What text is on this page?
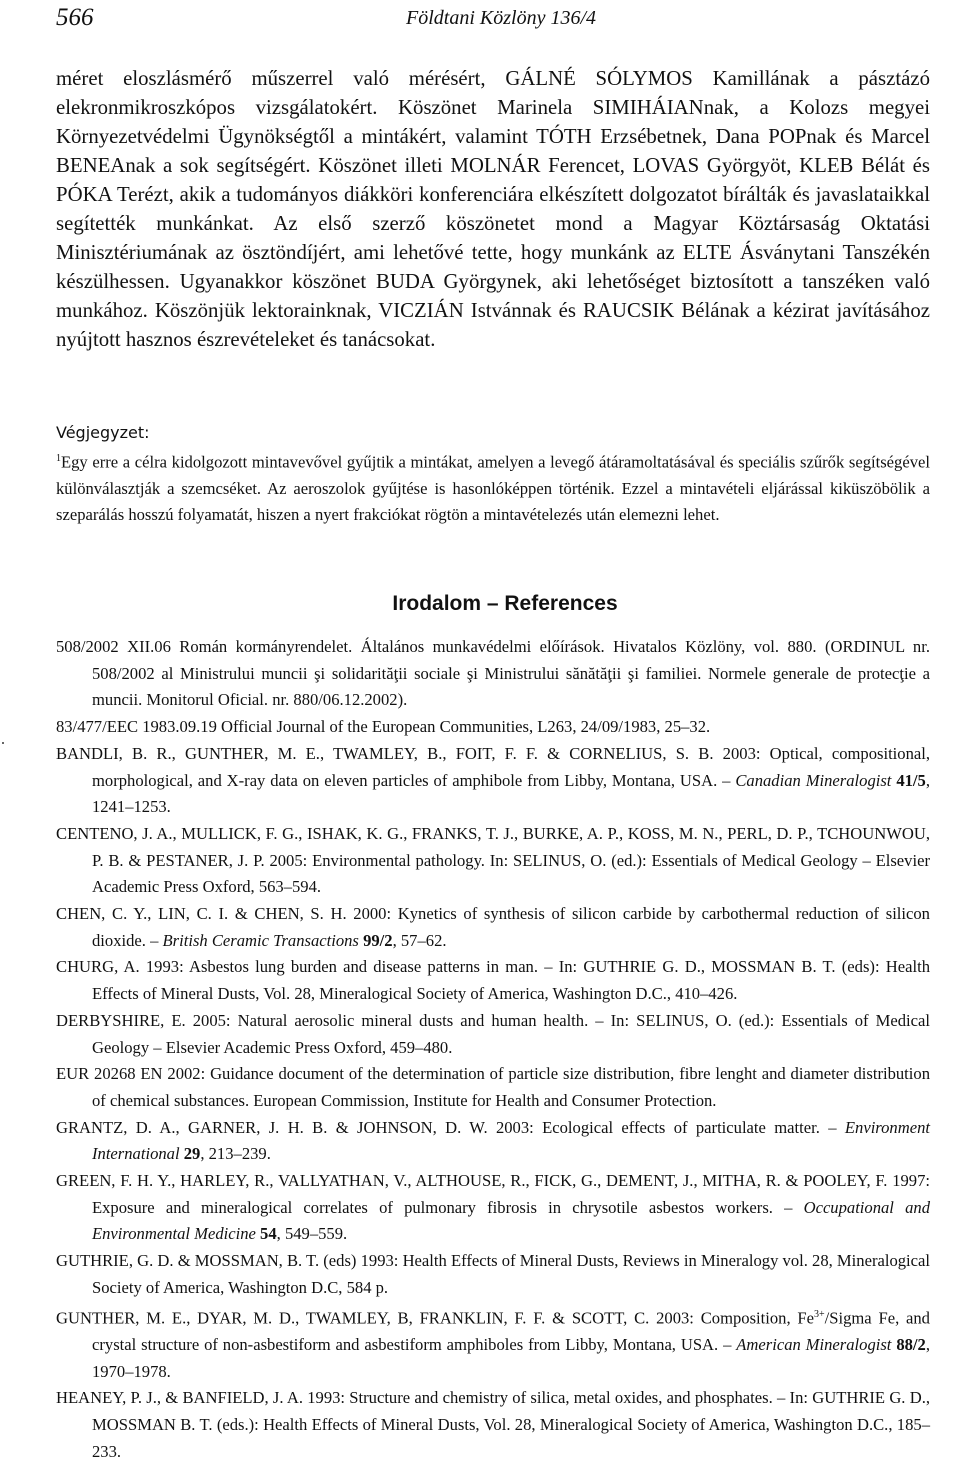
566	Földtani Közlöny 136/4

méret eloszlásmérő műszerrel való mérésért, GÁLNÉ SÓLYMOS Kamillának a pásztázó elekronmikroszkópos vizsgálatokért. Köszönet Marinela SIMIHÁIANnak, a Kolozs megyei Környezetvédelmi Ügynökségtől a mintákért, valamint TÓTH Erzsébetnek, Dana POPnak és Marcel BENEAnak a sok segítségért. Köszönet illeti MOLNÁR Ferencet, LOVAS Györgyöt, KLEB Bélát és PÓKA Terézt, akik a tudományos diákköri konferenciára elkészített dolgozatot bírálták és javaslataikkal segítették munkánkat. Az első szerző köszönetet mond a Magyar Köztársaság Oktatási Minisztériumának az ösztöndíjért, ami lehetővé tette, hogy munkánk az ELTE Ásványtani Tanszékén készülhessen. Ugyanakkor köszönet BUDA Györgynek, aki lehetőséget biztosított a tanszéken való munkához. Köszönjük lektorainknak, VICZIÁN Istvánnak és RAUCSIK Bélának a kézirat javításához nyújtott hasznos észrevételeket és tanácsokat.

Végjegyzet:

$^1$Egy erre a célra kidolgozott mintavevővel gyűjtik a mintákat, amelyen a levegő átáramoltatásával és speciális szűrők segítségével különválasztják a szemcséket. Az aeroszolok gyűjtése is hasonlóképpen történik. Ezzel a mintavételi eljárással kiküszöbölik a szeparálás hosszú folyamatát, hiszen a nyert frakciókat rögtön a mintavételezés után elemezni lehet.

Irodalom – References
508/2002 XII.06 Román kormányrendelet. Általános munkavédelmi előírások. Hivatalos Közlöny, vol. 880. (ORDINUL nr. 508/2002 al Ministrului muncii şi solidarităţii sociale şi Ministrului sănătăţii şi familiei. Normele generale de protecţie a muncii. Monitorul Oficial. nr. 880/06.12.2002).
83/477/EEC 1983.09.19 Official Journal of the European Communities, L263, 24/09/1983, 25–32.
BANDLI, B. R., GUNTHER, M. E., TWAMLEY, B., FOIT, F. F. & CORNELIUS, S. B. 2003: Optical, compositional, morphological, and X-ray data on eleven particles of amphibole from Libby, Montana, USA. – Canadian Mineralogist 41/5, 1241–1253.
CENTENO, J. A., MULLICK, F. G., ISHAK, K. G., FRANKS, T. J., BURKE, A. P., KOSS, M. N., PERL, D. P., TCHOUNWOU, P. B. & PESTANER, J. P. 2005: Environmental pathology. In: SELINUS, O. (ed.): Essentials of Medical Geology – Elsevier Academic Press Oxford, 563–594.
CHEN, C. Y., LIN, C. I. & CHEN, S. H. 2000: Kynetics of synthesis of silicon carbide by carbothermal reduction of silicon dioxide. – British Ceramic Transactions 99/2, 57–62.
CHURG, A. 1993: Asbestos lung burden and disease patterns in man. – In: GUTHRIE G. D., MOSSMAN B. T. (eds): Health Effects of Mineral Dusts, Vol. 28, Mineralogical Society of America, Washington D.C., 410–426.
DERBYSHIRE, E. 2005: Natural aerosolic mineral dusts and human health. – In: SELINUS, O. (ed.): Essentials of Medical Geology – Elsevier Academic Press Oxford, 459–480.
EUR 20268 EN 2002: Guidance document of the determination of particle size distribution, fibre lenght and diameter distribution of chemical substances. European Commission, Institute for Health and Consumer Protection.
GRANTZ, D. A., GARNER, J. H. B. & JOHNSON, D. W. 2003: Ecological effects of particulate matter. – Environment International 29, 213–239.
GREEN, F. H. Y., HARLEY, R., VALLYATHAN, V., ALTHOUSE, R., FICK, G., DEMENT, J., MITHA, R. & POOLEY, F. 1997: Exposure and mineralogical correlates of pulmonary fibrosis in chrysotile asbestos workers. – Occupational and Environmental Medicine 54, 549–559.
GUTHRIE, G. D. & MOSSMAN, B. T. (eds) 1993: Health Effects of Mineral Dusts, Reviews in Mineralogy vol. 28, Mineralogical Society of America, Washington D.C, 584 p.
GUNTHER, M. E., DYAR, M. D., TWAMLEY, B, FRANKLIN, F. F. & SCOTT, C. 2003: Composition, $Fe^{3+}$/Sigma Fe, and crystal structure of non-asbestiform and asbestiform amphiboles from Libby, Montana, USA. – American Mineralogist 88/2, 1970–1978.
HEANEY, P. J., & BANFIELD, J. A. 1993: Structure and chemistry of silica, metal oxides, and phosphates. – In: GUTHRIE G. D., MOSSMAN B. T. (eds.): Health Effects of Mineral Dusts, Vol. 28, Mineralogical Society of America, Washington D.C., 185–233.
